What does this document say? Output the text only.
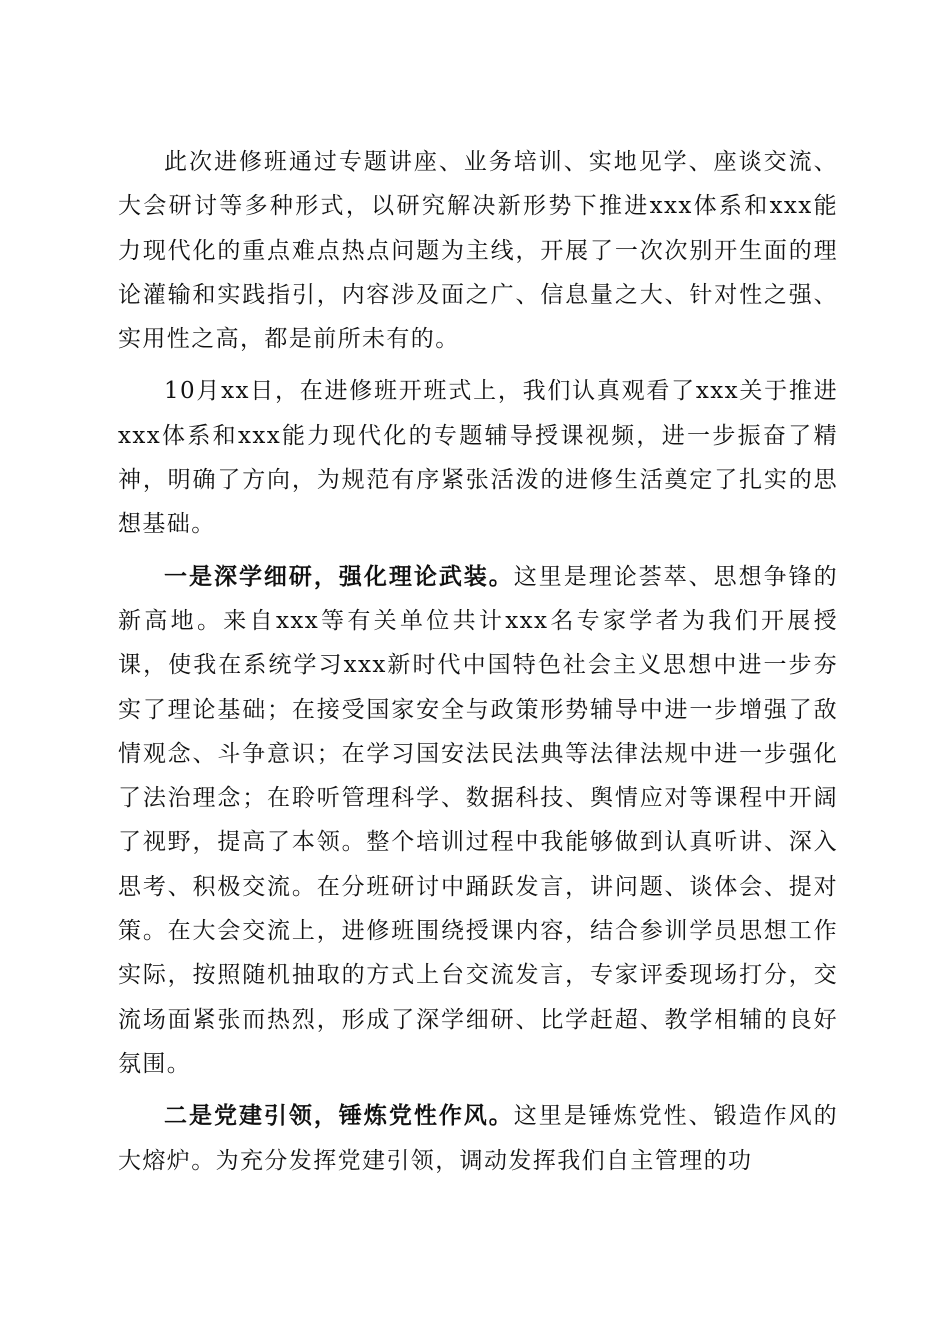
此次进修班通过专题讲座、业务培训、实地见学、座谈交流、大会研讨等多种形式，以研究解决新形势下推进xxx体系和xxx能力现代化的重点难点热点问题为主线，开展了一次次别开生面的理论灌输和实践指引，内容涉及面之广、信息量之大、针对性之强、实用性之高，都是前所未有的。

10月xx日，在进修班开班式上，我们认真观看了xxx关于推进xxx体系和xxx能力现代化的专题辅导授课视频，进一步振奋了精神，明确了方向，为规范有序紧张活泼的进修生活奠定了扎实的思想基础。

一是深学细研，强化理论武装。这里是理论荟萃、思想争锋的新高地。来自xxx等有关单位共计xxx名专家学者为我们开展授课，使我在系统学习xxx新时代中国特色社会主义思想中进一步夯实了理论基础；在接受国家安全与政策形势辅导中进一步增强了敌情观念、斗争意识；在学习国安法民法典等法律法规中进一步强化了法治理念；在聆听管理科学、数据科技、舆情应对等课程中开阔了视野，提高了本领。整个培训过程中我能够做到认真听讲、深入思考、积极交流。在分班研讨中踊跃发言，讲问题、谈体会、提对策。在大会交流上，进修班围绕授课内容，结合参训学员思想工作实际，按照随机抽取的方式上台交流发言，专家评委现场打分，交流场面紧张而热烈，形成了深学细研、比学赶超、教学相辅的良好氛围。

二是党建引领，锤炼党性作风。这里是锤炼党性、锻造作风的大熔炉。为充分发挥党建引领，调动发挥我们自主管理的功
